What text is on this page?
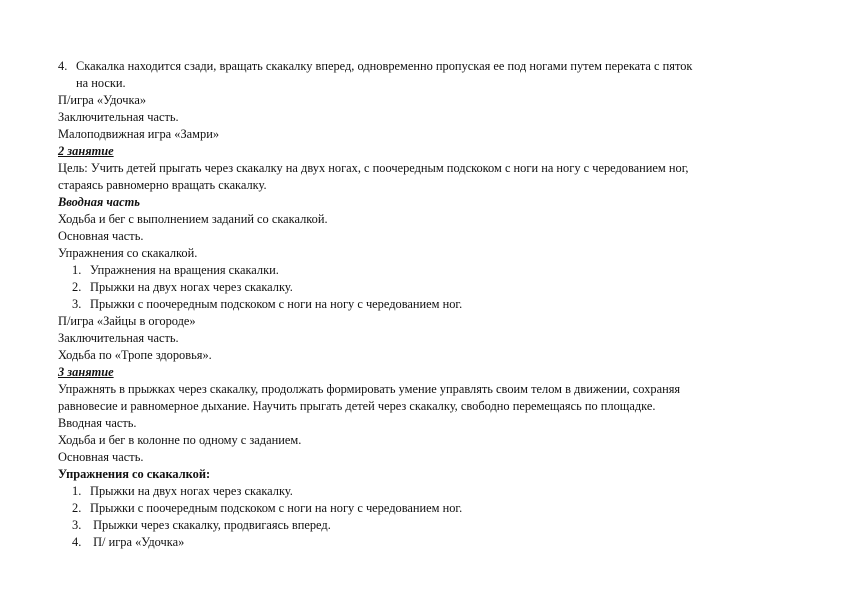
4. Скакалка находится сзади, вращать скакалку вперед, одновременно пропуская ее под ногами путем переката с пяток
на носки.
П/игра «Удочка»
Заключительная часть.
Малоподвижная игра «Замри»
2 занятие
Цель: Учить детей прыгать через скакалку на двух ногах, с поочередным подскоком с ноги на ногу с чередованием ног,
стараясь равномерно вращать скакалку.
Вводная часть
Ходьба и бег с выполнением заданий со скакалкой.
Основная часть.
Упражнения со скакалкой.
1. Упражнения на вращения скакалки.
2. Прыжки на двух ногах через скакалку.
3. Прыжки с поочередным подскоком с ноги на ногу с чередованием ног.
П/игра «Зайцы в огороде»
Заключительная часть.
Ходьба по «Тропе здоровья».
3 занятие
Упражнять в прыжках через скакалку, продолжать формировать умение управлять своим телом в движении, сохраняя
равновесие и равномерное дыхание. Научить прыгать детей через скакалку, свободно перемещаясь по площадке.
Вводная часть.
Ходьба и бег в колонне по одному с заданием.
Основная часть.
Упражнения со скакалкой:
1. Прыжки на двух ногах через скакалку.
2. Прыжки с поочередным подскоком с ноги на ногу с чередованием ног.
3. Прыжки через скакалку, продвигаясь вперед.
4. П/ игра «Удочка»
